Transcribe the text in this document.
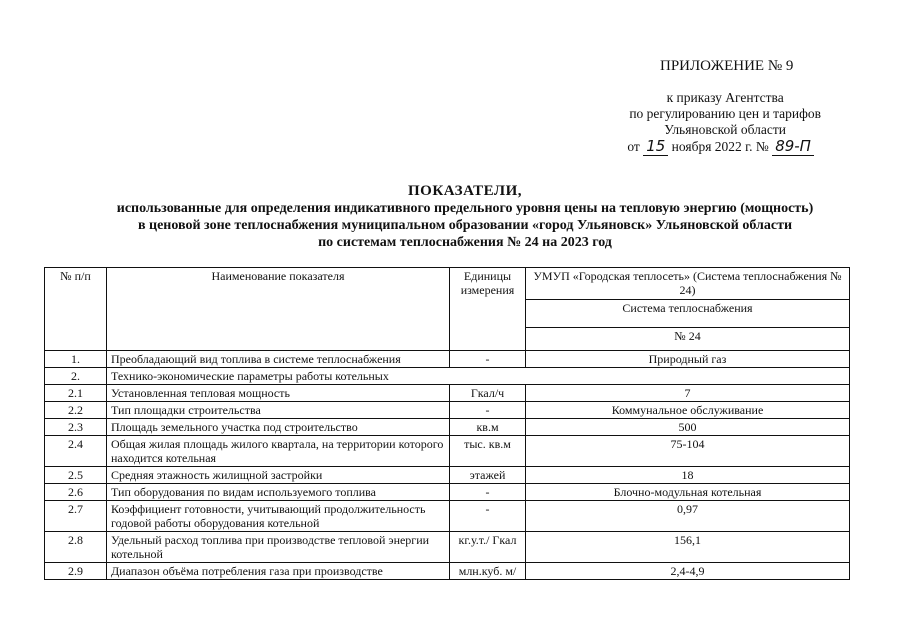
ПРИЛОЖЕНИЕ № 9
к приказу Агентства
по регулированию цен и тарифов
Ульяновской области
от 15 ноября 2022 г. № 89-П
ПОКАЗАТЕЛИ,
использованные для определения индикативного предельного уровня цены на тепловую энергию (мощность)
в ценовой зоне теплоснабжения муниципальном образовании «город Ульяновск» Ульяновской области
по системам теплоснабжения № 24 на 2023 год
№ п/п	Наименование показателя	Единицы измерения	УМУП «Городская теплосеть» (Система теплоснабжения № 24)
			Система теплоснабжения
			№ 24
1.	Преобладающий вид топлива в системе теплоснабжения	-	Природный газ
2.	Технико-экономические параметры работы котельных		
2.1	Установленная тепловая мощность	Гкал/ч	7
2.2	Тип площадки строительства	-	Коммунальное обслуживание
2.3	Площадь земельного участка под строительство	кв.м	500
2.4	Общая жилая площадь жилого квартала, на территории которого находится котельная	тыс. кв.м	75-104
2.5	Средняя этажность жилищной застройки	этажей	18
2.6	Тип оборудования по видам используемого топлива	-	Блочно-модульная котельная
2.7	Коэффициент готовности, учитывающий продолжительность годовой работы оборудования котельной	-	0,97
2.8	Удельный расход топлива при производстве тепловой энергии котельной	кг.у.т./ Гкал	156,1
2.9	Диапазон объёма потребления газа при производстве	млн.куб. м/	2,4-4,9
